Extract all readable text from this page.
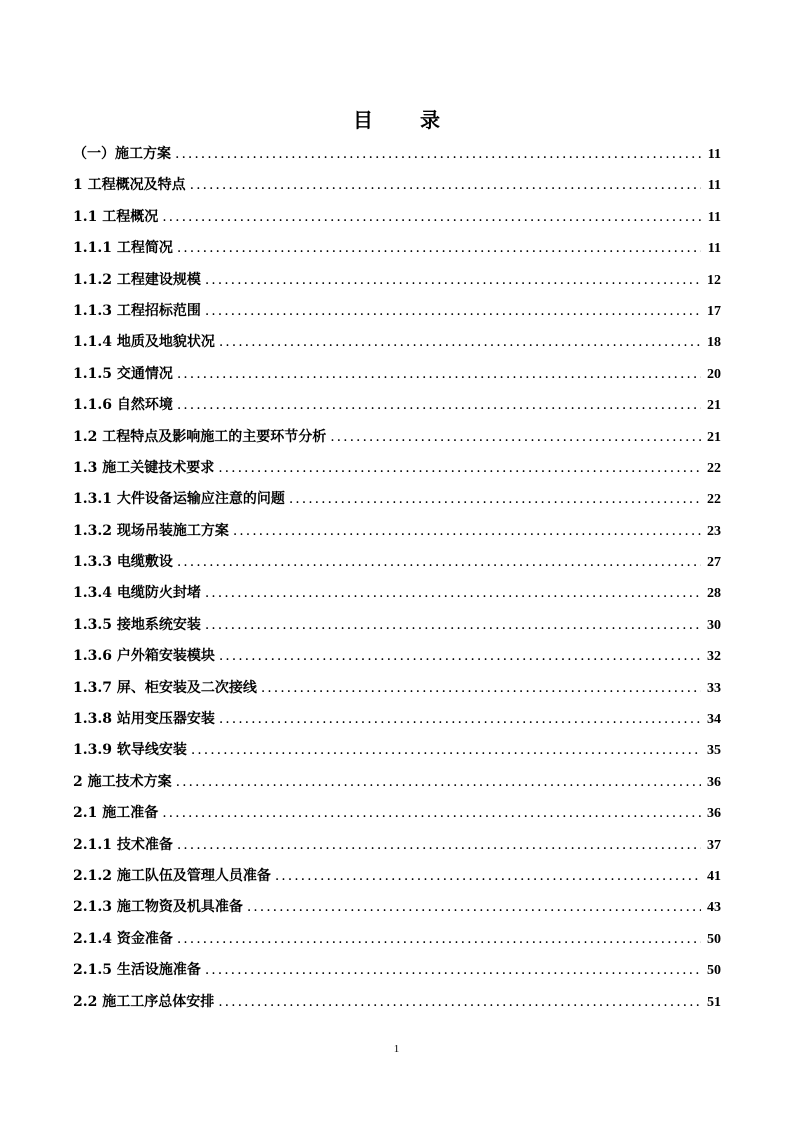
目 录
（一） 施工方案 .....	11
1 工程概况及特点 .....	11
1.1 工程概况 .....	11
1.1.1 工程简况 .....	11
1.1.2 工程建设规模 .....	12
1.1.3 工程招标范围 .....	17
1.1.4 地质及地貌状况 .....	18
1.1.5 交通情况 .....	20
1.1.6 自然环境 .....	21
1.2 工程特点及影响施工的主要环节分析 .....	21
1.3 施工关键技术要求 .....	22
1.3.1 大件设备运输应注意的问题 .....	22
1.3.2 现场吊装施工方案 .....	23
1.3.3 电缆敷设 .....	27
1.3.4 电缆防火封堵 .....	28
1.3.5 接地系统安装 .....	30
1.3.6 户外箱安装模块 .....	32
1.3.7 屏、柜安装及二次接线 .....	33
1.3.8 站用变压器安装 .....	34
1.3.9 软导线安装 .....	35
2 施工技术方案 .....	36
2.1 施工准备 .....	36
2.1.1 技术准备 .....	37
2.1.2 施工队伍及管理人员准备 .....	41
2.1.3 施工物资及机具准备 .....	43
2.1.4 资金准备 .....	50
2.1.5 生活设施准备 .....	50
2.2 施工工序总体安排 .....	51
1
